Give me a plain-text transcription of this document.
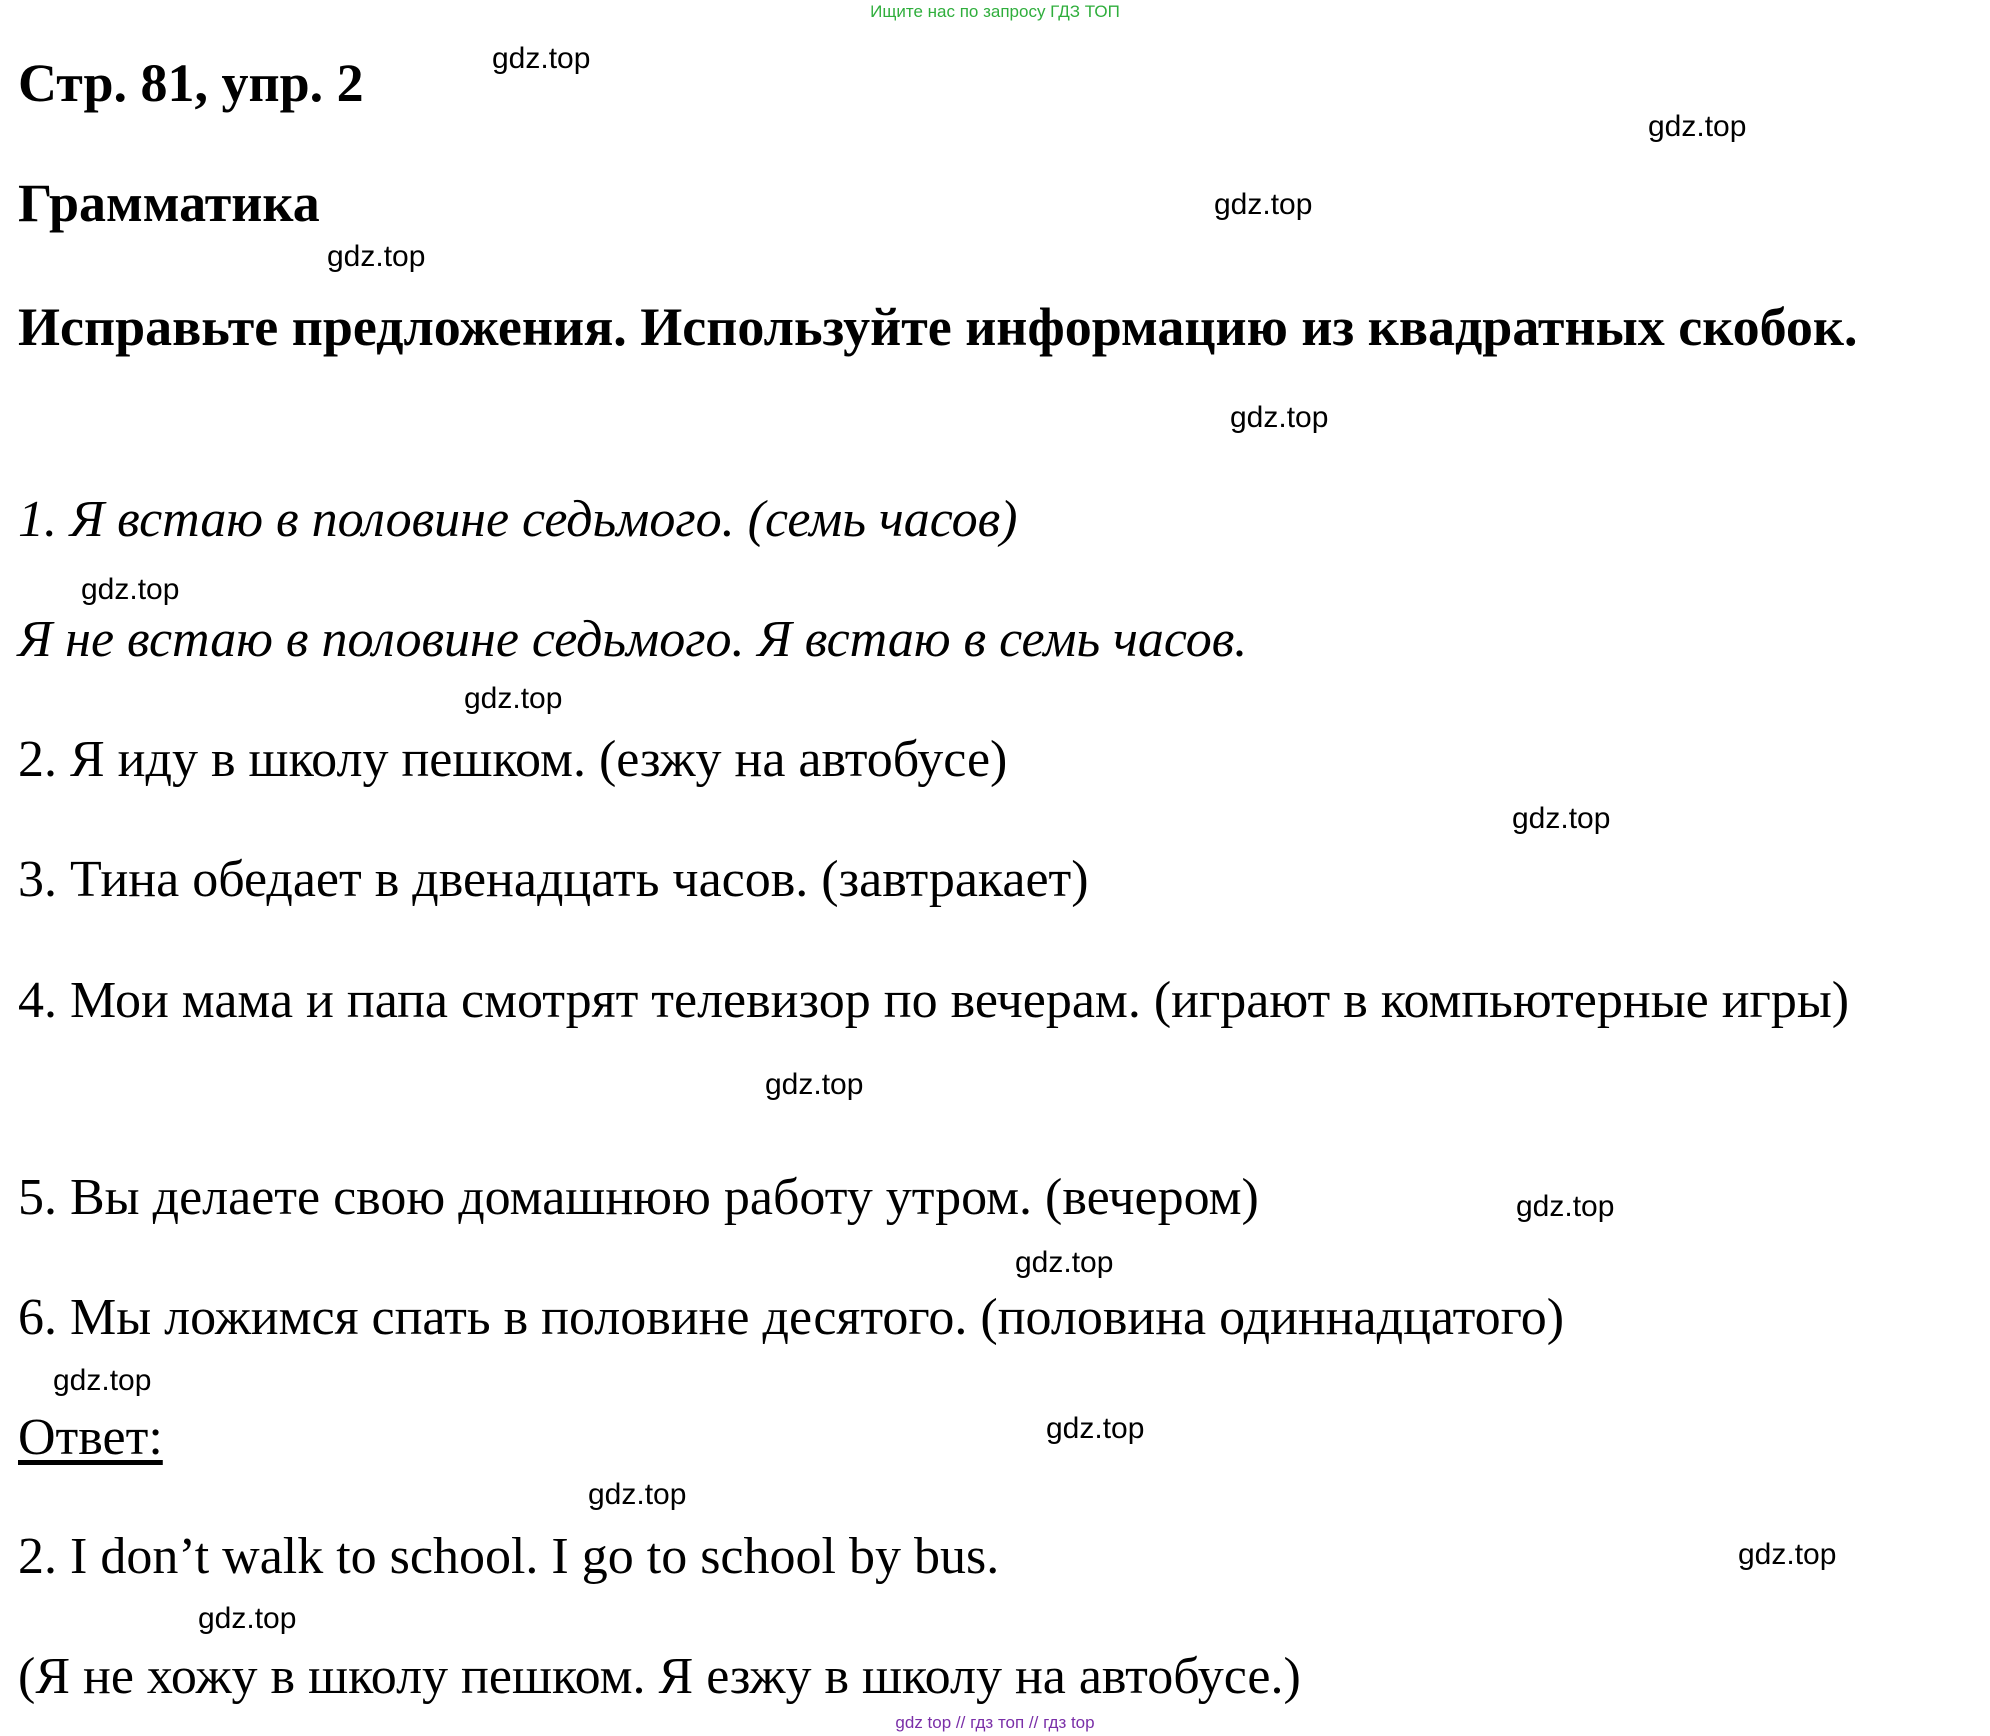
Ищите нас по запросу ГДЗ ТОП
Стр. 81, упр. 2
Грамматика
Исправьте предложения. Используйте информацию из квадратных скобок.
1. Я встаю в половине седьмого. (семь часов)
Я не встаю в половине седьмого. Я встаю в семь часов.
2. Я иду в школу пешком. (езжу на автобусе)
3. Тина обедает в двенадцать часов. (завтракает)
4. Мои мама и папа смотрят телевизор по вечерам. (играют в компьютерные игры)
5. Вы делаете свою домашнюю работу утром. (вечером)
6. Мы ложимся спать в половине десятого. (половина одиннадцатого)
Ответ:
2. I don’t walk to school. I go to school by bus.
(Я не хожу в школу пешком. Я езжу в школу на автобусе.)
gdz.top
gdz.top
gdz.top
gdz.top
gdz.top
gdz.top
gdz.top
gdz.top
gdz.top
gdz.top
gdz.top
gdz.top
gdz.top
gdz.top
gdz.top
gdz.top
gdz top // гдз топ // гдз top
